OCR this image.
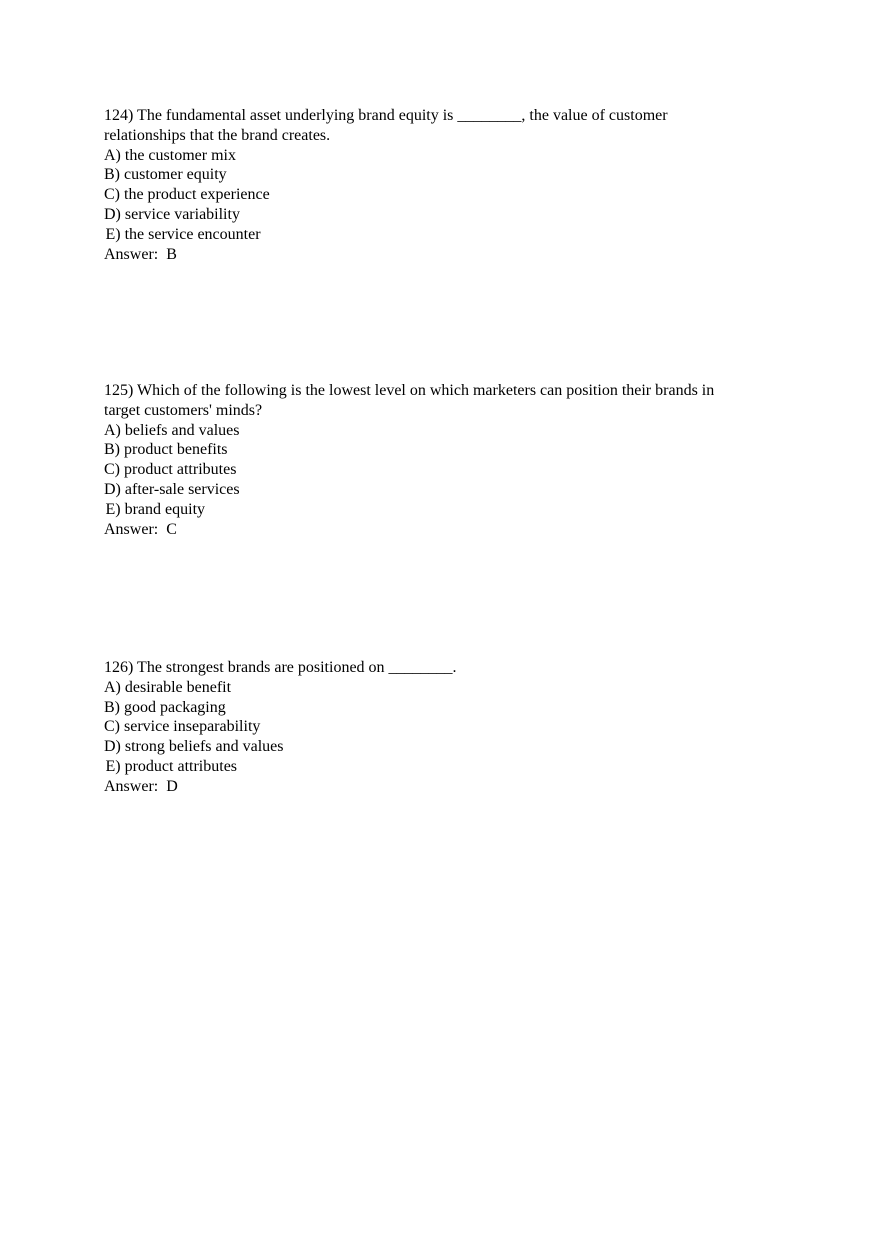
124) The fundamental asset underlying brand equity is ________, the value of customer
relationships that the brand creates.
A) the customer mix
B) customer equity
C) the product experience
D) service variability
E) the service encounter
Answer:  B
125) Which of the following is the lowest level on which marketers can position their brands in
target customers' minds?
A) beliefs and values
B) product benefits
C) product attributes
D) after-sale services
E) brand equity
Answer:  C
126) The strongest brands are positioned on ________.
A) desirable benefit
B) good packaging
C) service inseparability
D) strong beliefs and values
E) product attributes
Answer:  D
